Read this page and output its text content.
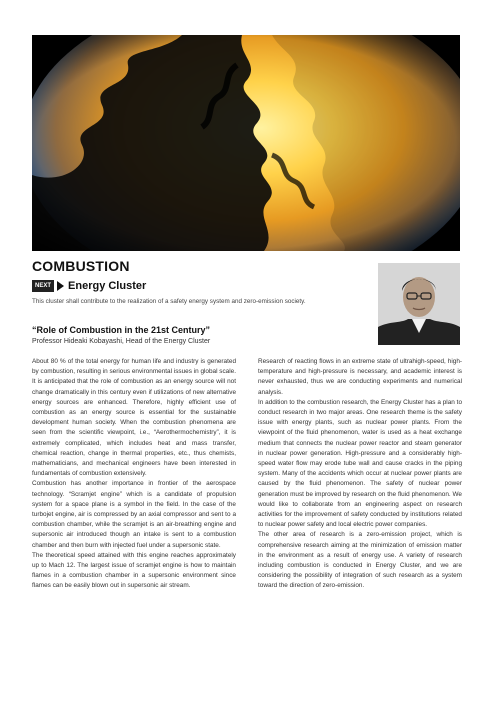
COMBUSTION
NEXT Energy Cluster
This cluster shall contribute to the realization of a safety energy system and zero-emission society.
“Role of Combustion in the 21st Century”
Professor Hideaki Kobayashi, Head of the Energy Cluster

About 80 % of the total energy for human life and industry is generated by combustion, resulting in serious environmental issues in global scale. It is anticipated that the role of combustion as an energy source will not change dramatically in this century even if utilizations of new alternative energy sources are enhanced. Therefore, highly efficient use of combustion as an energy source is essential for the sustainable development human society. When the combustion phenomena are seen from the scientific viewpoint, i.e., “Aerothermochemistry”, it is extremely complicated, which includes heat and mass transfer, chemical reaction, change in thermal properties, etc., thus chemists, mathematicians, and mechanical engineers have been interested in fundamentals of combustion extensively.

Combustion has another importance in frontier of the aerospace technology. “Scramjet engine” which is a candidate of propulsion system for a space plane is a symbol in the field. In the case of the turbojet engine, air is compressed by an axial compressor and sent to a combustion chamber, while the scramjet is an air-breathing engine and supersonic air introduced though an intake is sent to a combustion chamber and then burn with injected fuel under a supersonic state.

The theoretical speed attained with this engine reaches approximately up to Mach 12. The largest issue of scramjet engine is how to maintain flames in a combustion chamber in a supersonic environment since flames can be easily blown out in supersonic air stream.

Research of reacting flows in an extreme state of ultrahigh-speed, high-temperature and high-pressure is necessary, and academic interest is never exhausted, thus we are conducting experiments and numerical analysis.

In addition to the combustion research, the Energy Cluster has a plan to conduct research in two major areas. One research theme is the safety issue with energy plants, such as nuclear power plants. From the viewpoint of the fluid phenomenon, water is used as a heat exchange medium that connects the nuclear power reactor and steam generator in nuclear power generation. High-pressure and a considerably high-speed water flow may erode tube wall and cause cracks in the piping system. Many of the accidents which occur at nuclear power plants are caused by the fluid phenomenon. The safety of nuclear power generation must be improved by research on the fluid phenomenon. We would like to collaborate from an engineering aspect on research activities for the improvement of safety conducted by institutions related to nuclear power safety and local electric power companies.

The other area of research is a zero-emission project, which is comprehensive research aiming at the minimization of emission matter in the environment as a result of energy use. A variety of research including combustion is conducted in Energy Cluster, and we are considering the possibility of integration of such research as a system toward the direction of zero-emission.
